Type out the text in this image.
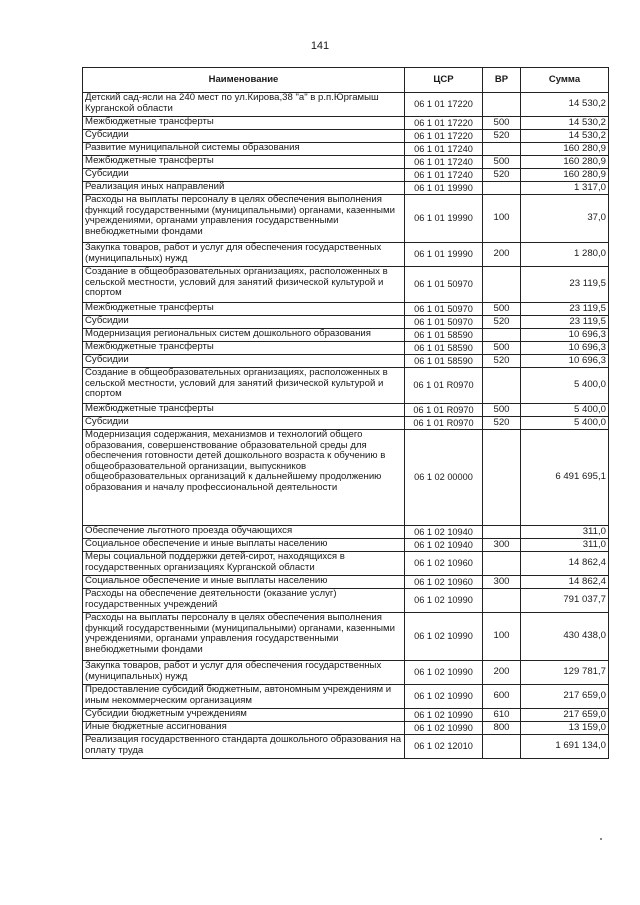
141
Наименование	ЦСР	ВР	Сумма
Детский сад-ясли на 240 мест по ул.Кирова,38 "а" в р.п.Юргамыш Курганской области	06 1 01 17220		14 530,2
Межбюджетные трансферты	06 1 01 17220	500	14 530,2
Субсидии	06 1 01 17220	520	14 530,2
Развитие муниципальной системы образования	06 1 01 17240		160 280,9
Межбюджетные трансферты	06 1 01 17240	500	160 280,9
Субсидии	06 1 01 17240	520	160 280,9
Реализация иных направлений	06 1 01 19990		1 317,0
Расходы на выплаты персоналу в целях обеспечения выполнения функций государственными (муниципальными) органами, казенными учреждениями, органами управления государственными внебюджетными фондами	06 1 01 19990	100	37,0
Закупка товаров, работ и услуг для обеспечения государственных (муниципальных) нужд	06 1 01 19990	200	1 280,0
Создание в общеобразовательных организациях, расположенных в сельской местности, условий для занятий физической культурой и спортом	06 1 01 50970		23 119,5
Межбюджетные трансферты	06 1 01 50970	500	23 119,5
Субсидии	06 1 01 50970	520	23 119,5
Модернизация региональных систем дошкольного образования	06 1 01 58590		10 696,3
Межбюджетные трансферты	06 1 01 58590	500	10 696,3
Субсидии	06 1 01 58590	520	10 696,3
Создание в общеобразовательных организациях, расположенных в сельской местности, условий для занятий физической культурой и спортом	06 1 01 R0970		5 400,0
Межбюджетные трансферты	06 1 01 R0970	500	5 400,0
Субсидии	06 1 01 R0970	520	5 400,0
Модернизация содержания, механизмов и технологий общего образования, совершенствование образовательной среды для обеспечения готовности детей дошкольного возраста к обучению в общеобразовательной организации, выпускников общеобразовательных организаций к дальнейшему продолжению образования и началу профессиональной деятельности	06 1 02 00000		6 491 695,1
Обеспечение льготного проезда обучающихся	06 1 02 10940		311,0
Социальное обеспечение и иные выплаты населению	06 1 02 10940	300	311,0
Меры социальной поддержки детей-сирот, находящихся в государственных организациях Курганской области	06 1 02 10960		14 862,4
Социальное обеспечение и иные выплаты населению	06 1 02 10960	300	14 862,4
Расходы на обеспечение деятельности (оказание услуг) государственных учреждений	06 1 02 10990		791 037,7
Расходы на выплаты персоналу в целях обеспечения выполнения функций государственными (муниципальными) органами, казенными учреждениями, органами управления государственными внебюджетными фондами	06 1 02 10990	100	430 438,0
Закупка товаров, работ и услуг для обеспечения государственных (муниципальных) нужд	06 1 02 10990	200	129 781,7
Предоставление субсидий бюджетным, автономным учреждениям и иным некоммерческим организациям	06 1 02 10990	600	217 659,0
Субсидии бюджетным учреждениям	06 1 02 10990	610	217 659,0
Иные бюджетные ассигнования	06 1 02 10990	800	13 159,0
Реализация государственного стандарта дошкольного образования на оплату труда	06 1 02 12010		1 691 134,0
